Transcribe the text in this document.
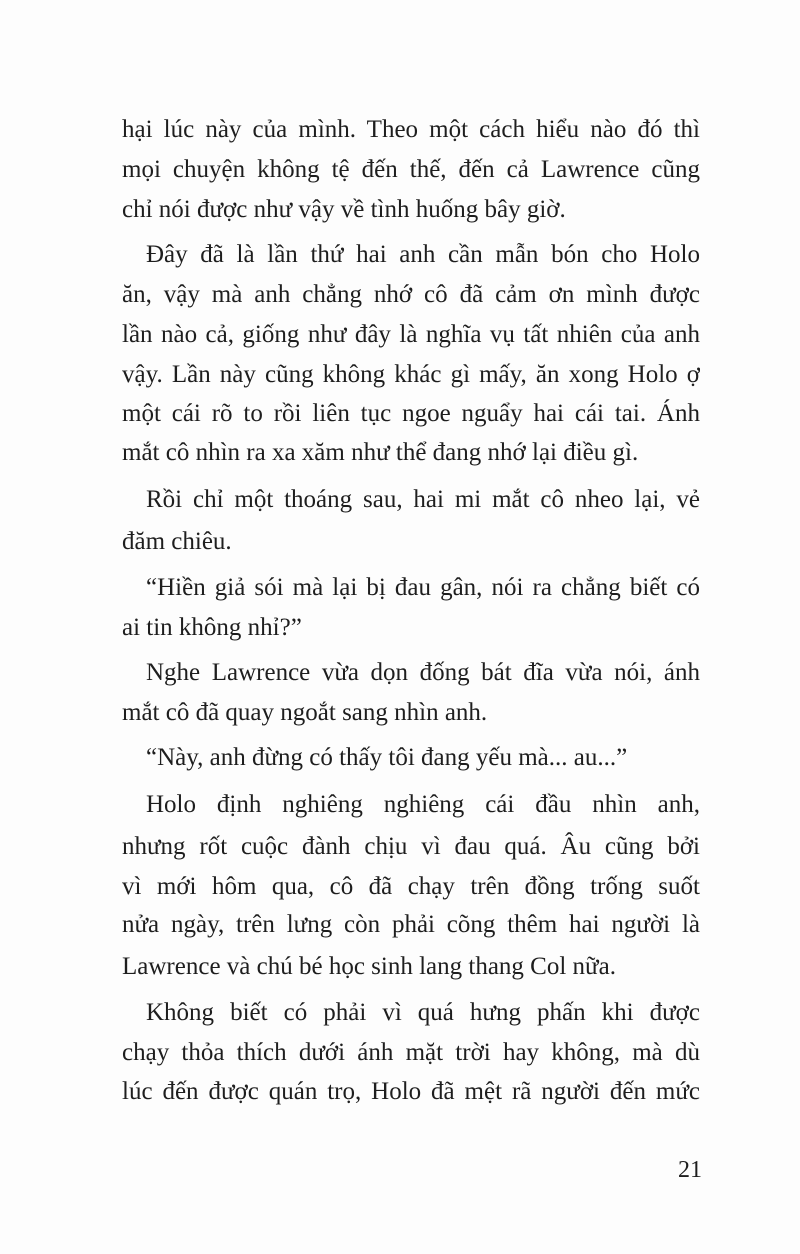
hại lúc này của mình. Theo một cách hiểu nào đó thì
mọi chuyện không tệ đến thế, đến cả Lawrence cũng
chỉ nói được như vậy về tình huống bây giờ.
Đây đã là lần thứ hai anh cần mẫn bón cho Holo
ăn, vậy mà anh chẳng nhớ cô đã cảm ơn mình được
lần nào cả, giống như đây là nghĩa vụ tất nhiên của anh
vậy. Lần này cũng không khác gì mấy, ăn xong Holo ợ
một cái rõ to rồi liên tục ngoe nguẩy hai cái tai. Ánh
mắt cô nhìn ra xa xăm như thể đang nhớ lại điều gì.
Rồi chỉ một thoáng sau, hai mi mắt cô nheo lại, vẻ
đăm chiêu.
“Hiền giả sói mà lại bị đau gân, nói ra chẳng biết có
ai tin không nhỉ?”
Nghe Lawrence vừa dọn đống bát đĩa vừa nói, ánh
mắt cô đã quay ngoắt sang nhìn anh.
“Này, anh đừng có thấy tôi đang yếu mà... au...”
Holo định nghiêng nghiêng cái đầu nhìn anh,
nhưng rốt cuộc đành chịu vì đau quá. Âu cũng bởi
vì mới hôm qua, cô đã chạy trên đồng trống suốt
nửa ngày, trên lưng còn phải cõng thêm hai người là
Lawrence và chú bé học sinh lang thang Col nữa.
Không biết có phải vì quá hưng phấn khi được
chạy thỏa thích dưới ánh mặt trời hay không, mà dù
lúc đến được quán trọ, Holo đã mệt rã người đến mức
21
